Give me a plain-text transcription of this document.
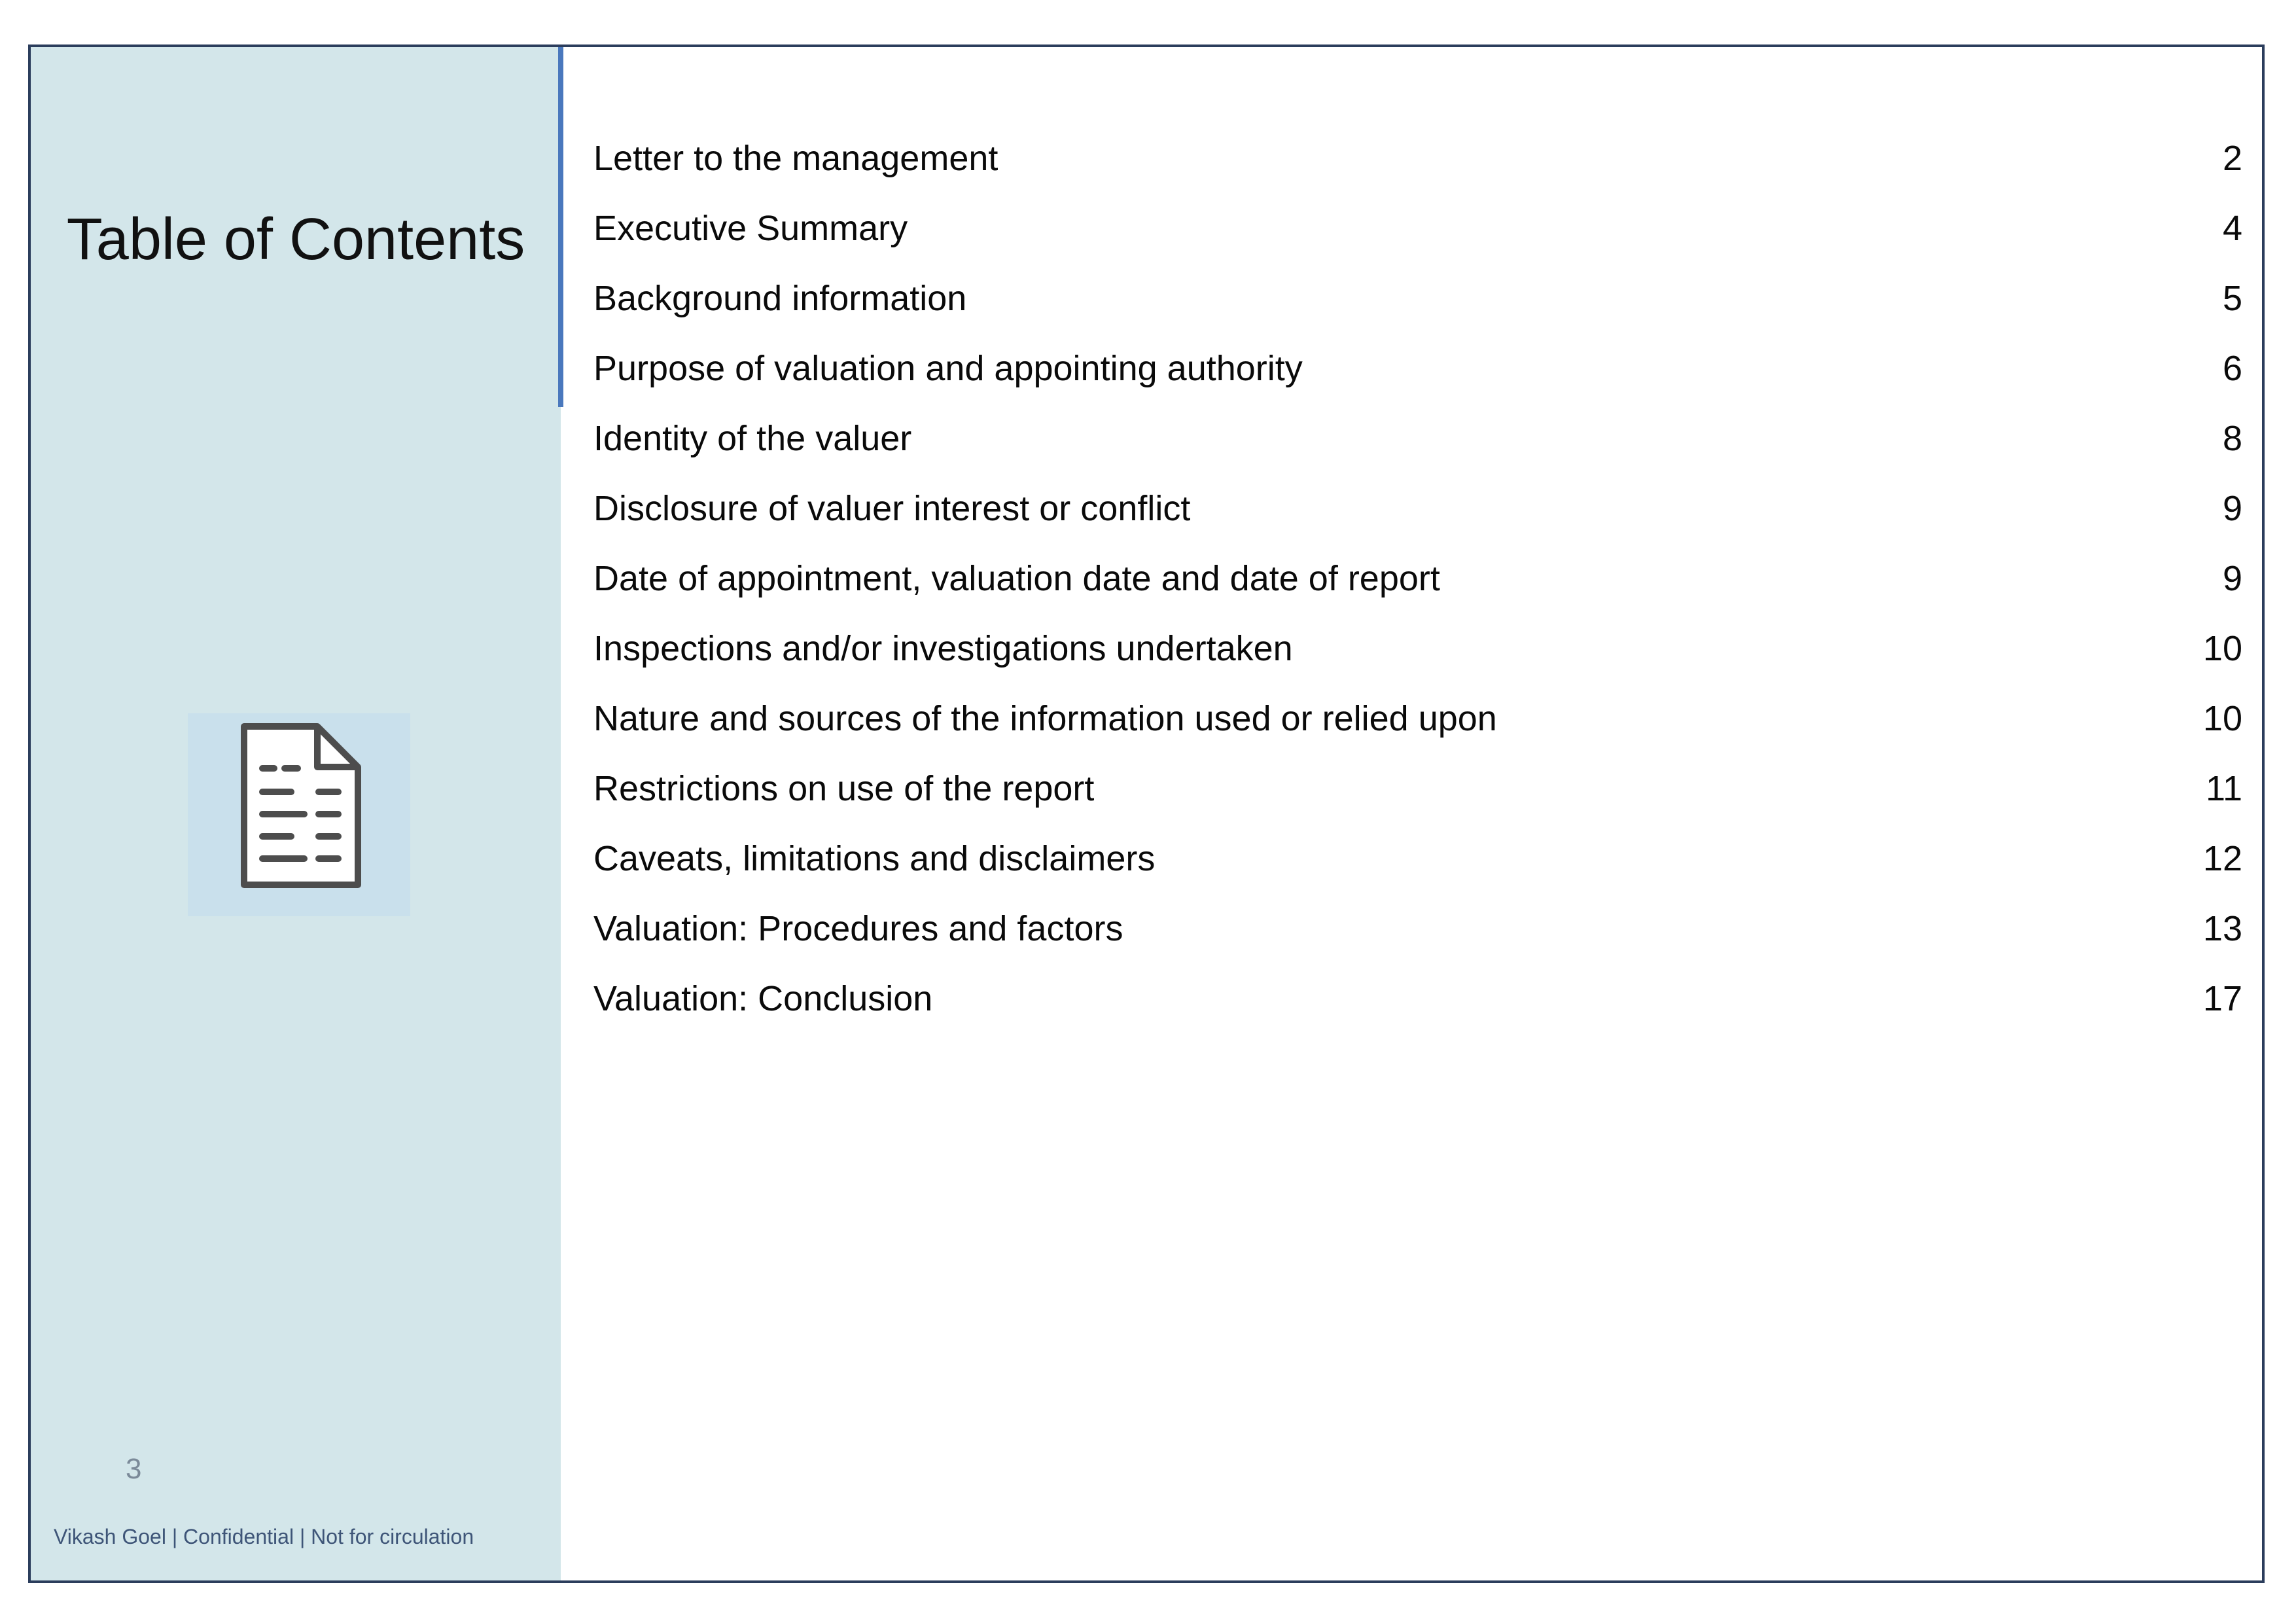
Table of Contents
3
Vikash Goel | Confidential | Not for circulation
Letter to the management	2
Executive Summary	4
Background information	5
Purpose of valuation and appointing authority	6
Identity of the valuer	8
Disclosure of valuer interest or conflict	9
Date of appointment, valuation date and date of report	9
Inspections and/or investigations undertaken	10
Nature and sources of the information used or relied upon	10
Restrictions on use of the report	11
Caveats, limitations and disclaimers	12
Valuation: Procedures and factors	13
Valuation: Conclusion	17
